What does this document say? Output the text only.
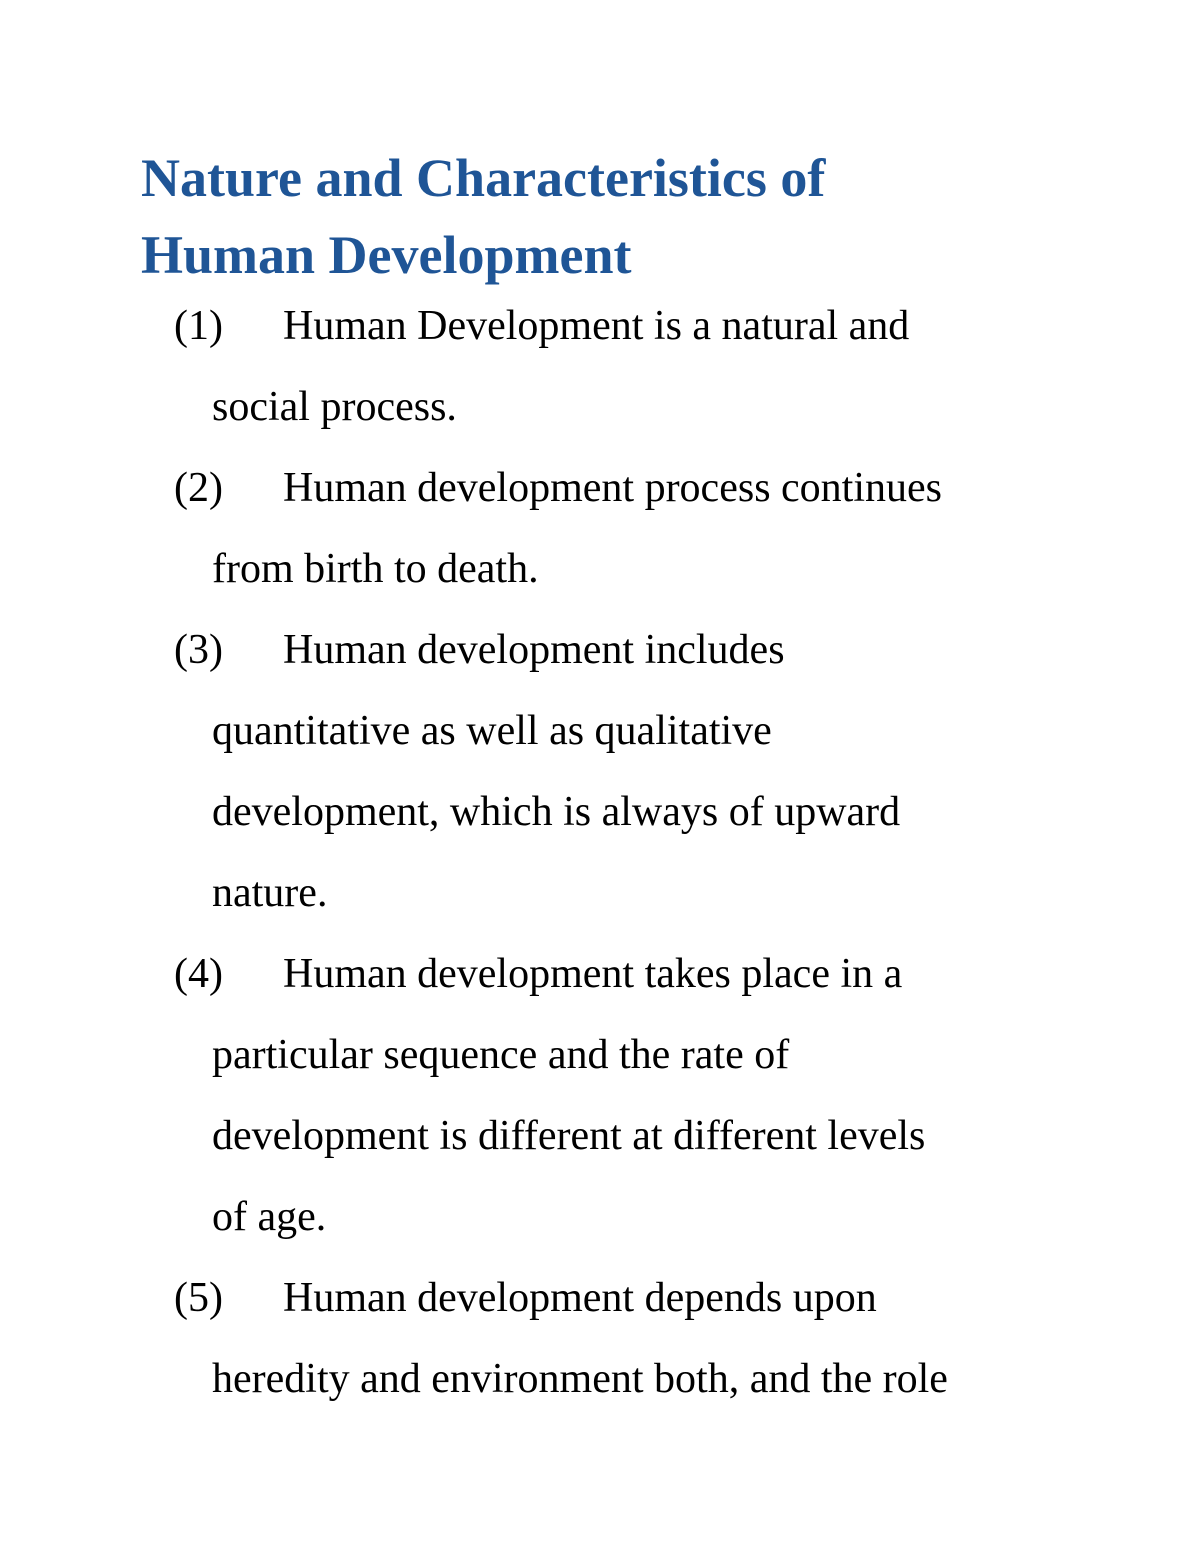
Nature and Characteristics of
Human Development
(1) Human Development is a natural and
social process.
(2) Human development process continues
from birth to death.
(3) Human development includes
quantitative as well as qualitative
development, which is always of upward
nature.
(4) Human development takes place in a
particular sequence and the rate of
development is different at different levels
of age.
(5) Human development depends upon
heredity and environment both, and the role
